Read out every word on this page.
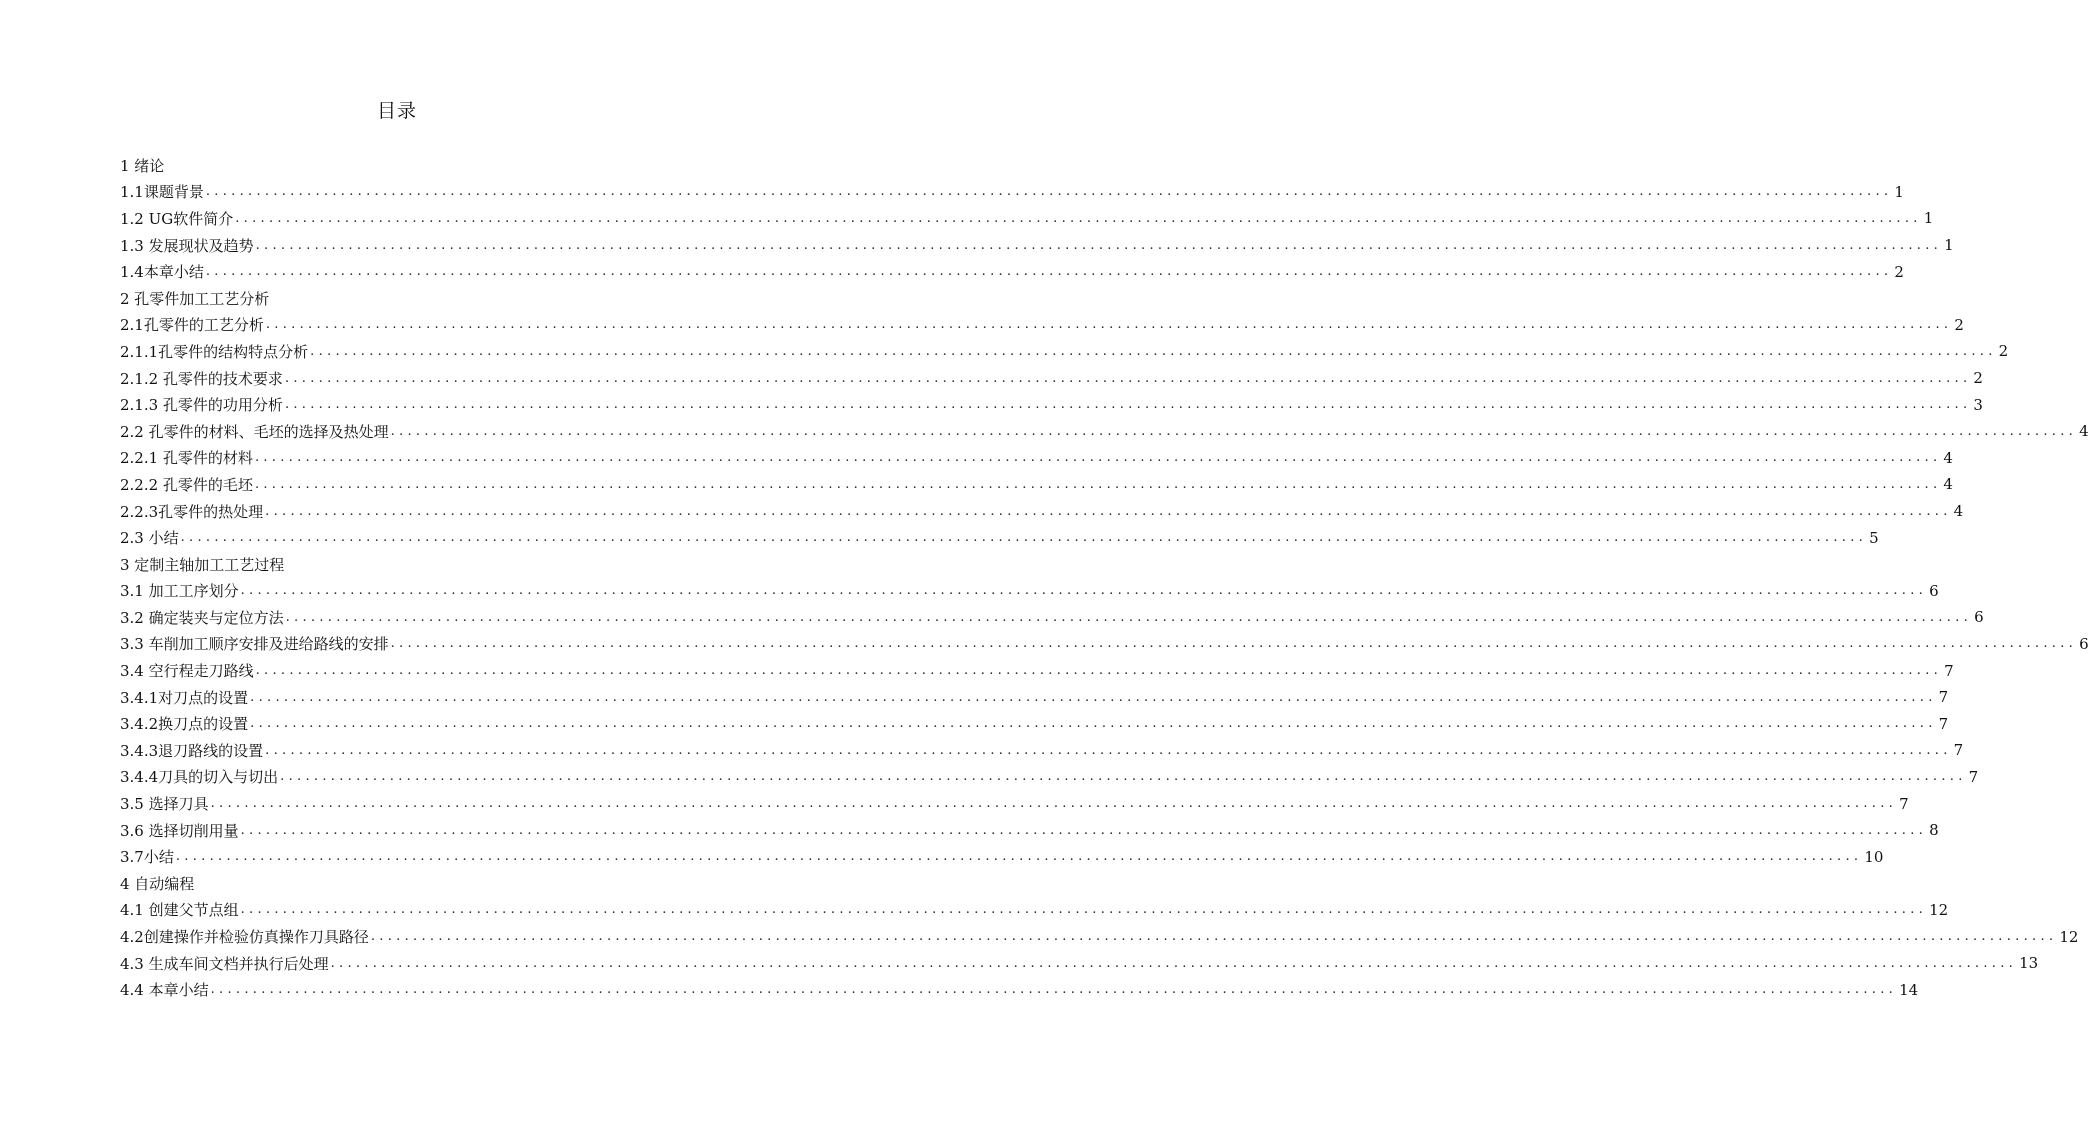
目录
1 绪论
1.1课题背景 ........................................................................................................................................................................................................ 1
1.2 UG软件简介 ........................................................................................................................................................................................................ 1
1.3 发展现状及趋势 ........................................................................................................................................................................................................ 1
1.4本章小结 ........................................................................................................................................................................................................ 2
2 孔零件加工工艺分析
2.1孔零件的工艺分析 ........................................................................................................................................................................................................ 2
2.1.1孔零件的结构特点分析 ........................................................................................................................................................................................................ 2
2.1.2 孔零件的技术要求 ........................................................................................................................................................................................................ 2
2.1.3 孔零件的功用分析 ........................................................................................................................................................................................................ 3
2.2 孔零件的材料、毛坯的选择及热处理 ........................................................................................................................................................................................................ 4
2.2.1 孔零件的材料 ........................................................................................................................................................................................................ 4
2.2.2 孔零件的毛坯 ........................................................................................................................................................................................................ 4
2.2.3孔零件的热处理 ........................................................................................................................................................................................................ 4
2.3 小结 ........................................................................................................................................................................................................ 5
3 定制主轴加工工艺过程
3.1 加工工序划分 ........................................................................................................................................................................................................ 6
3.2 确定装夹与定位方法 ........................................................................................................................................................................................................ 6
3.3 车削加工顺序安排及进给路线的安排 ........................................................................................................................................................................................................ 6
3.4 空行程走刀路线 ........................................................................................................................................................................................................ 7
3.4.1对刀点的设置 ........................................................................................................................................................................................................ 7
3.4.2换刀点的设置 ........................................................................................................................................................................................................ 7
3.4.3退刀路线的设置 ........................................................................................................................................................................................................ 7
3.4.4刀具的切入与切出 ........................................................................................................................................................................................................ 7
3.5 选择刀具 ........................................................................................................................................................................................................ 7
3.6 选择切削用量 ........................................................................................................................................................................................................ 8
3.7小结 ........................................................................................................................................................................................................ 10
4 自动编程
4.1 创建父节点组 ........................................................................................................................................................................................................ 12
4.2创建操作并检验仿真操作刀具路径 ........................................................................................................................................................................................................ 12
4.3 生成车间文档并执行后处理 ........................................................................................................................................................................................................ 13
4.4 本章小结 ........................................................................................................................................................................................................ 14
